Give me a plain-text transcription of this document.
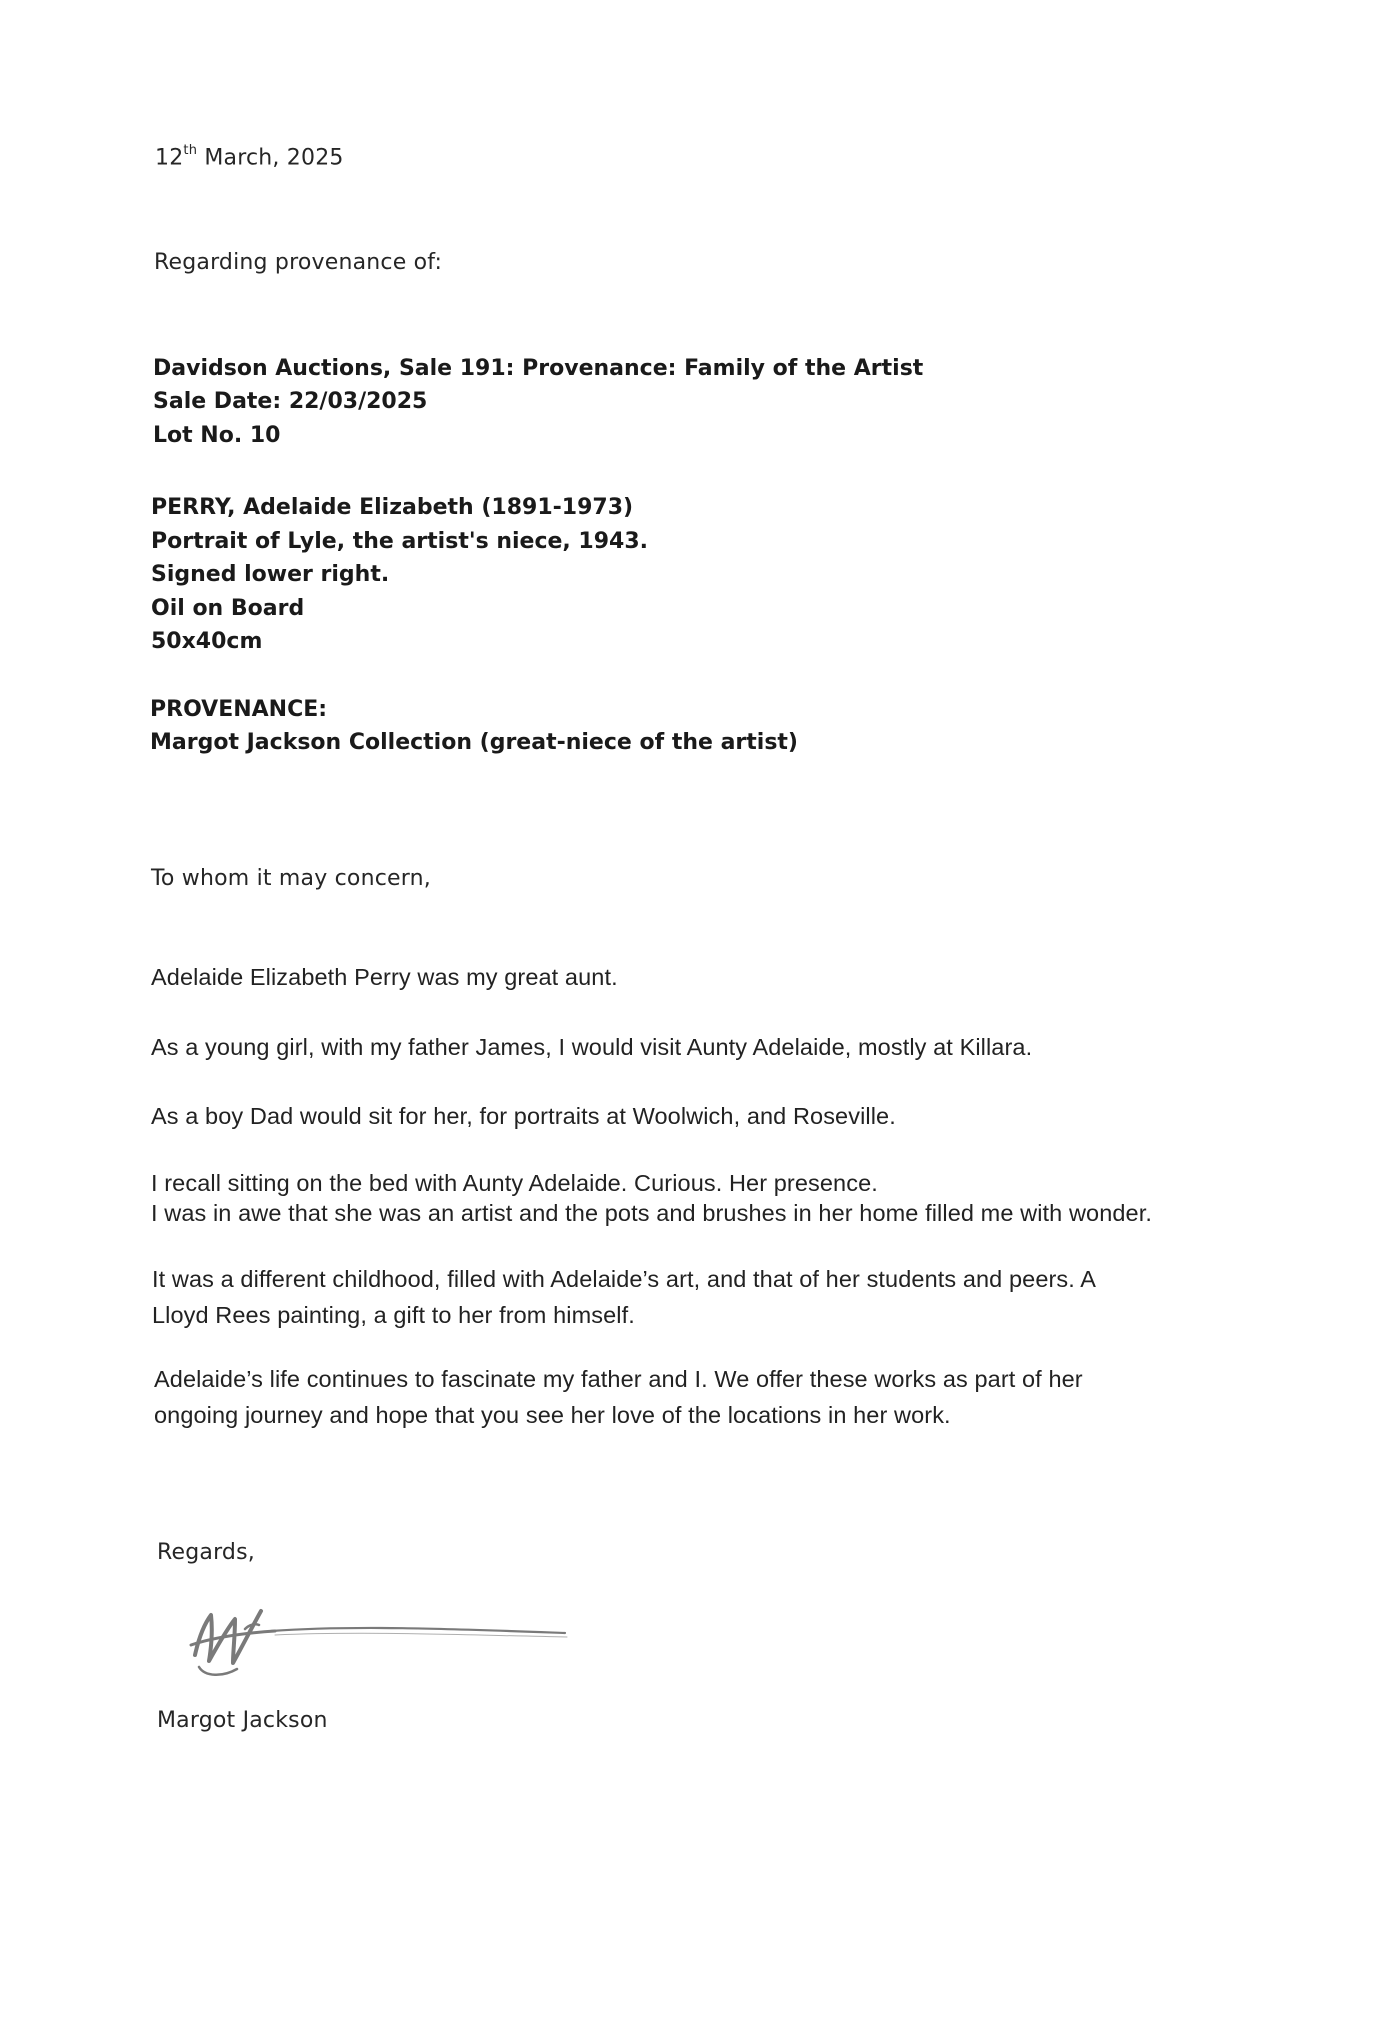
12th March, 2025
Regarding provenance of:
Davidson Auctions, Sale 191: Provenance: Family of the Artist
Sale Date: 22/03/2025
Lot No. 10
PERRY, Adelaide Elizabeth (1891-1973)
Portrait of Lyle, the artist's niece, 1943.
Signed lower right.
Oil on Board
50x40cm
PROVENANCE:
Margot Jackson Collection (great-niece of the artist)
To whom it may concern,
Adelaide Elizabeth Perry was my great aunt.
As a young girl, with my father James, I would visit Aunty Adelaide, mostly at Killara.
As a boy Dad would sit for her, for portraits at Woolwich, and Roseville.
I recall sitting on the bed with Aunty Adelaide. Curious. Her presence.
I was in awe that she was an artist and the pots and brushes in her home filled me with wonder.
It was a different childhood, filled with Adelaide’s art, and that of her students and peers. A
Lloyd Rees painting, a gift to her from himself.
Adelaide’s life continues to fascinate my father and I. We offer these works as part of her
ongoing journey and hope that you see her love of the locations in her work.
Regards,
Margot Jackson
